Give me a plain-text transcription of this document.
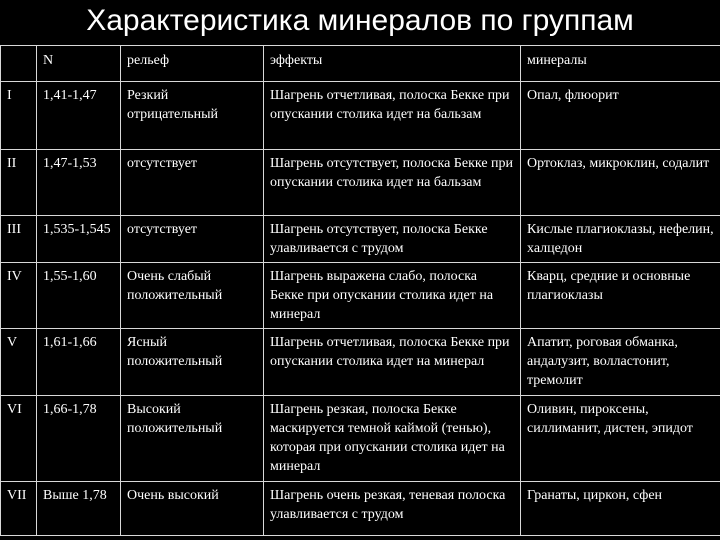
Характеристика минералов по группам
	N	рельеф	эффекты	минералы
I	1,41-1,47	Резкий отрицательный	Шагрень отчетливая, полоска Бекке при опускании столика идет на бальзам	Опал, флюорит
II	1,47-1,53	отсутствует	Шагрень отсутствует, полоска Бекке при опускании столика идет на бальзам	Ортоклаз, микроклин, содалит
III	1,535-1,545	отсутствует	Шагрень отсутствует, полоска Бекке улавливается с трудом	Кислые плагиоклазы, нефелин, халцедон
IV	1,55-1,60	Очень слабый положительный	Шагрень выражена слабо, полоска Бекке при опускании столика идет на минерал	Кварц, средние и основные плагиоклазы
V	1,61-1,66	Ясный положительный	Шагрень отчетливая, полоска Бекке при опускании столика идет на минерал	Апатит, роговая обманка, андалузит, волластонит, тремолит
VI	1,66-1,78	Высокий положительный	Шагрень резкая, полоска Бекке маскируется темной каймой (тенью), которая при опускании столика идет на минерал	Оливин, пироксены, силлиманит, дистен, эпидот
VII	Выше 1,78	Очень высокий	Шагрень очень резкая, теневая полоска улавливается с трудом	Гранаты, циркон, сфен
